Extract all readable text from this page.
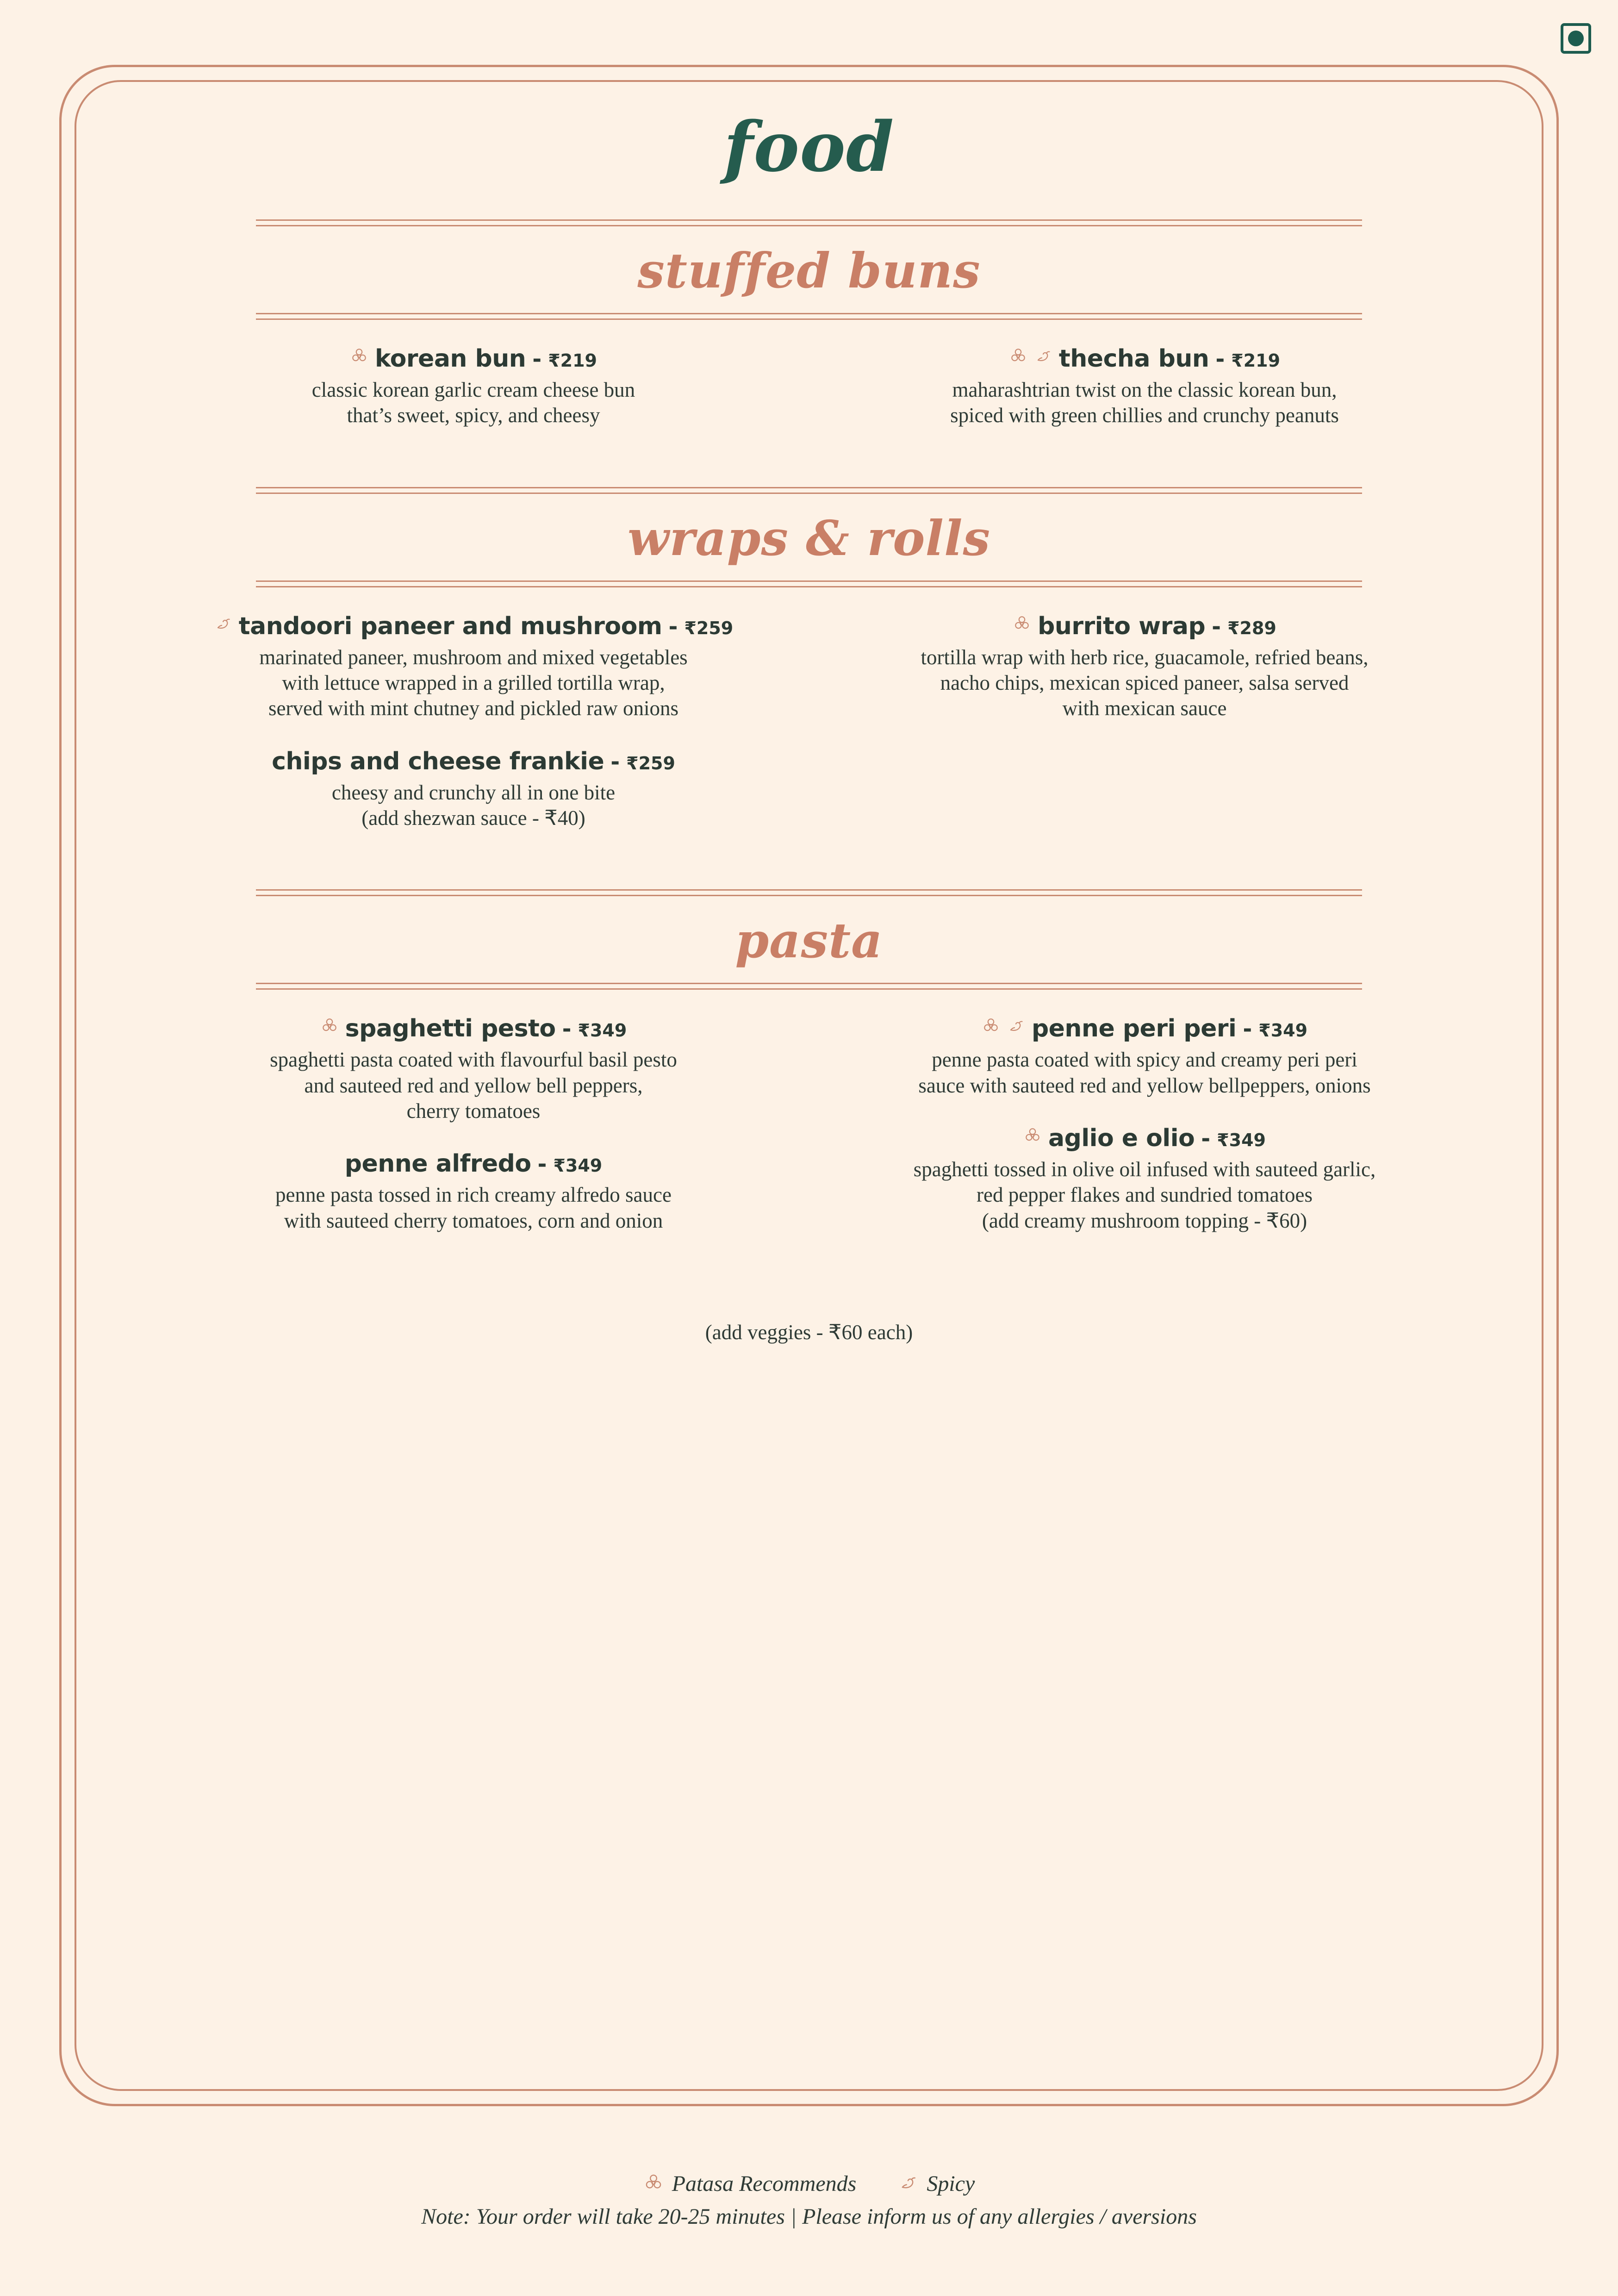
food
stuffed buns
korean bun - ₹219
classic korean garlic cream cheese bun
that’s sweet, spicy, and cheesy
thecha bun - ₹219
maharashtrian twist on the classic korean bun,
spiced with green chillies and crunchy peanuts
wraps & rolls
tandoori paneer and mushroom - ₹259
marinated paneer, mushroom and mixed vegetables
with lettuce wrapped in a grilled tortilla wrap,
served with mint chutney and pickled raw onions
chips and cheese frankie - ₹259
cheesy and crunchy all in one bite
(add shezwan sauce - ₹40)
burrito wrap - ₹289
tortilla wrap with herb rice, guacamole, refried beans,
nacho chips, mexican spiced paneer, salsa served
with mexican sauce
pasta
spaghetti pesto - ₹349
spaghetti pasta coated with flavourful basil pesto
and sauteed red and yellow bell peppers,
cherry tomatoes
penne alfredo - ₹349
penne pasta tossed in rich creamy alfredo sauce
with sauteed cherry tomatoes, corn and onion
penne peri peri - ₹349
penne pasta coated with spicy and creamy peri peri
sauce with sauteed red and yellow bellpeppers, onions
aglio e olio - ₹349
spaghetti tossed in olive oil infused with sauteed garlic,
red pepper flakes and sundried tomatoes
(add creamy mushroom topping - ₹60)
(add veggies - ₹60 each)
Patasa Recommends	Spicy
Note: Your order will take 20-25 minutes | Please inform us of any allergies / aversions
